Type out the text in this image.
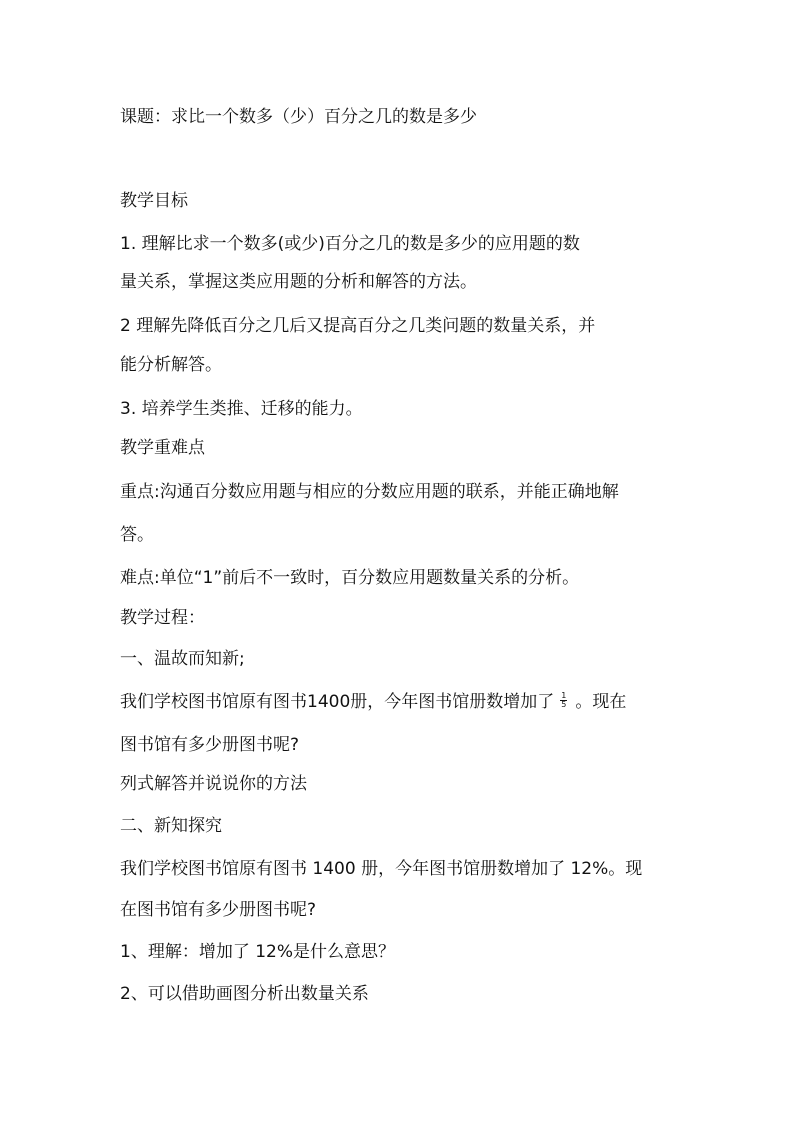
课题：求比一个数多（少）百分之几的数是多少
教学目标
1. 理解比求一个数多(或少)百分之几的数是多少的应用题的数
量关系，掌握这类应用题的分析和解答的方法。
2 理解先降低百分之几后又提高百分之几类问题的数量关系，并
能分析解答。
3. 培养学生类推、迁移的能力。
教学重难点
重点:沟通百分数应用题与相应的分数应用题的联系，并能正确地解
答。
难点:单位“1”前后不一致时，百分数应用题数量关系的分析。
教学过程：
一、温故而知新;
我们学校图书馆原有图书1400册，今年图书馆册数增加了 $\frac{1}{5}$ 。现在
图书馆有多少册图书呢?
列式解答并说说你的方法
二、新知探究
我们学校图书馆原有图书 1400 册，今年图书馆册数增加了 12%。现
在图书馆有多少册图书呢?
1、理解：增加了 12%是什么意思？
2、可以借助画图分析出数量关系
